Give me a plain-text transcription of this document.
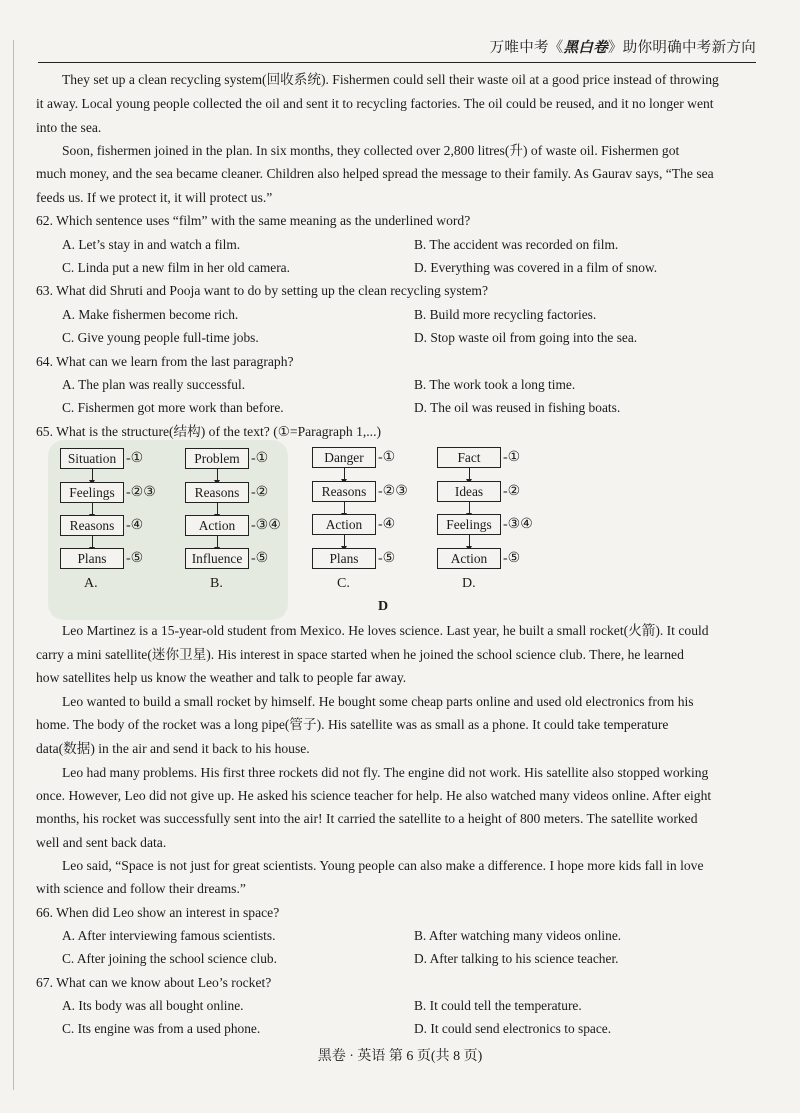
万唯中考《黑白卷》助你明确中考新方向
They set up a clean recycling system(回收系统). Fishermen could sell their waste oil at a good price instead of throwing
it away. Local young people collected the oil and sent it to recycling factories. The oil could be reused, and it no longer went
into the sea.
Soon, fishermen joined in the plan. In six months, they collected over 2,800 litres(升) of waste oil. Fishermen got
much money, and the sea became cleaner. Children also helped spread the message to their family. As Gaurav says, “The sea
feeds us. If we protect it, it will protect us.”
62. Which sentence uses “film” with the same meaning as the underlined word?
A. Let’s stay in and watch a film.	B. The accident was recorded on film.
C. Linda put a new film in her old camera.	D. Everything was covered in a film of snow.
63. What did Shruti and Pooja want to do by setting up the clean recycling system?
A. Make fishermen become rich.	B. Build more recycling factories.
C. Give young people full-time jobs.	D. Stop waste oil from going into the sea.
64. What can we learn from the last paragraph?
A. The plan was really successful.	B. The work took a long time.
C. Fishermen got more work than before.	D. The oil was reused in fishing boats.
65. What is the structure(结构) of the text? (①=Paragraph 1,...)
Situation -①
Feelings -②③
Reasons -④
Plans	-⑤
A.
Problem -①
Reasons -②
Action	-③④
Influence -⑤
B.
Danger	-①
Reasons -②③
Action	-④
Plans	-⑤
C.
Fact	-①
Ideas	-②
Feelings -③④
Action	-⑤
D.
D
Leo Martinez is a 15-year-old student from Mexico. He loves science. Last year, he built a small rocket(火箭). It could
carry a mini satellite(迷你卫星). His interest in space started when he joined the school science club. There, he learned
how satellites help us know the weather and talk to people far away.
Leo wanted to build a small rocket by himself. He bought some cheap parts online and used old electronics from his
home. The body of the rocket was a long pipe(管子). His satellite was as small as a phone. It could take temperature
data(数据) in the air and send it back to his house.
Leo had many problems. His first three rockets did not fly. The engine did not work. His satellite also stopped working
once. However, Leo did not give up. He asked his science teacher for help. He also watched many videos online. After eight
months, his rocket was successfully sent into the air! It carried the satellite to a height of 800 meters. The satellite worked
well and sent back data.
Leo said, “Space is not just for great scientists. Young people can also make a difference. I hope more kids fall in love
with science and follow their dreams.”
66. When did Leo show an interest in space?
A. After interviewing famous scientists.	B. After watching many videos online.
C. After joining the school science club.	D. After talking to his science teacher.
67. What can we know about Leo’s rocket?
A. Its body was all bought online.	B. It could tell the temperature.
C. Its engine was from a used phone.	D. It could send electronics to space.
黑卷 · 英语 第 6 页(共 8 页)
